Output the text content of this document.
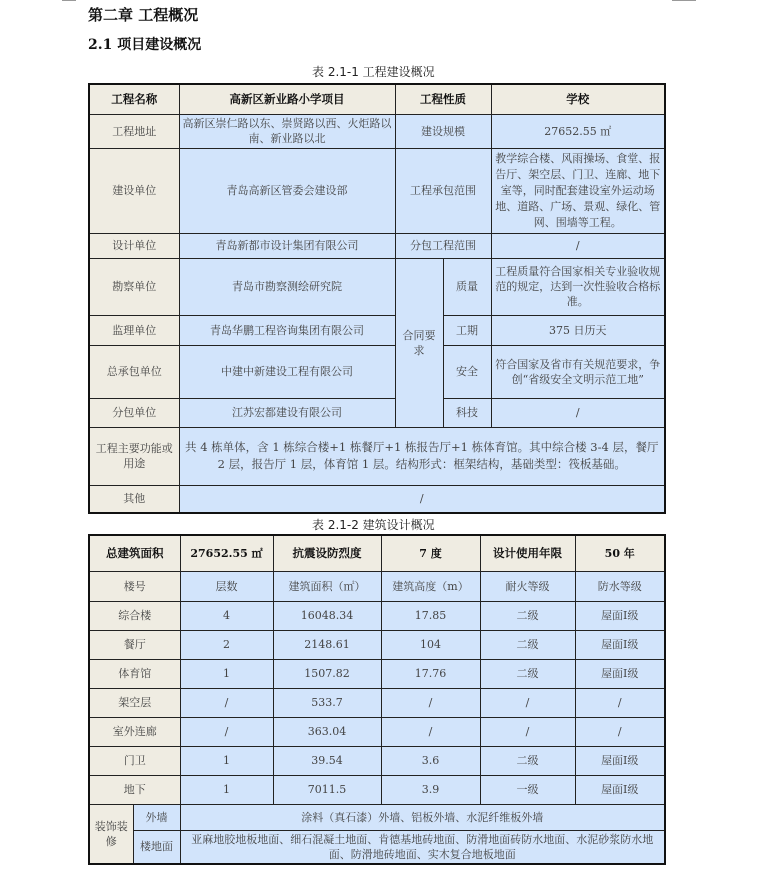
第二章 工程概况
2.1 项目建设概况
表 2.1-1 工程建设概况
工程名称	高新区新业路小学项目	工程性质		学校
工程地址	高新区崇仁路以东、崇贤路以西、火炬路以南、新业路以北	建设规模		27652.55 ㎡
建设单位	青岛高新区管委会建设部	工程承包范围		教学综合楼、风雨操场、食堂、报告厅、架空层、门卫、连廊、地下室等，同时配套建设室外运动场地、道路、广场、景观、绿化、管网、围墙等工程。
设计单位	青岛新都市设计集团有限公司	分包工程范围		/
勘察单位	青岛市勘察测绘研究院	合同要求	质量	工程质量符合国家相关专业验收规范的规定，达到一次性验收合格标准。
监理单位	青岛华鹏工程咨询集团有限公司		工期	375 日历天
总承包单位	中建中新建设工程有限公司		安全	符合国家及省市有关规范要求，争创“省级安全文明示范工地”
分包单位	江苏宏都建设有限公司		科技	/
工程主要功能或用途	共 4 栋单体，含 1 栋综合楼+1 栋餐厅+1 栋报告厅+1 栋体育馆。其中综合楼 3-4 层，餐厅 2 层，报告厅 1 层，体育馆 1 层。结构形式：框架结构，基础类型：筏板基础。			
其他	/			
表 2.1-2 建筑设计概况
总建筑面积		27652.55 ㎡	抗震设防烈度	7 度	设计使用年限	50 年
楼号		层数	建筑面积（㎡）	建筑高度（m）	耐火等级	防水等级
综合楼		4	16048.34	17.85	二级	屋面Ⅰ级
餐厅		2	2148.61	104	二级	屋面Ⅰ级
体育馆		1	1507.82	17.76	二级	屋面Ⅰ级
架空层		/	533.7	/	/	/
室外连廊		/	363.04	/	/	/
门卫		1	39.54	3.6	二级	屋面Ⅰ级
地下		1	7011.5	3.9	一级	屋面Ⅰ级
装饰装修	外墙	涂料（真石漆）外墙、铝板外墙、水泥纤维板外墙				
	楼地面	亚麻地胶地板地面、细石混凝土地面、肯德基地砖地面、防滑地面砖防水地面、水泥砂浆防水地面、防滑地砖地面、实木复合地板地面				
